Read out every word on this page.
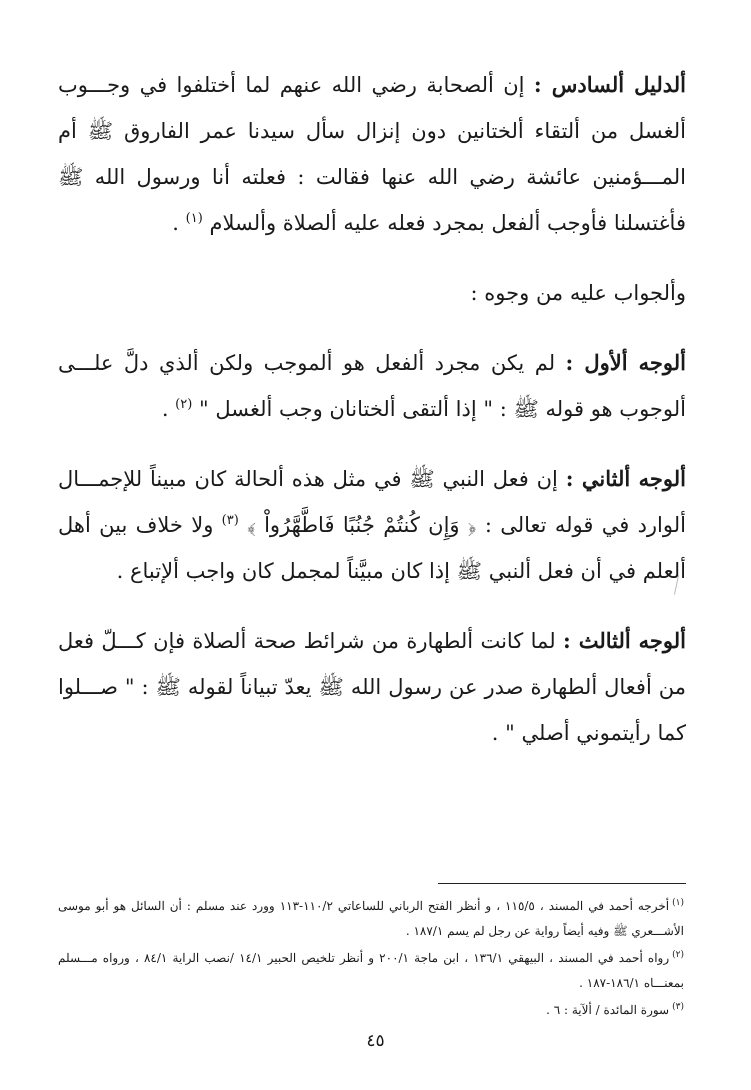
ألدليل ألسادس : إن ألصحابة رضي الله عنهم لما أختلفوا في وجـــوب ألغسل من ألتقاء ألختانين دون إنزال سأل سيدنا عمر الفاروق ﷺ أم المـــؤمنين عائشة رضي الله عنها فقالت : فعلته أنا ورسول الله ﷺ فأغتسلنا فأوجب ألفعل بمجرد فعله عليه ألصلاة وألسلام $^{(١)}$ .

وألجواب عليه من وجوه :

ألوجه ألأول : لم يكن مجرد ألفعل هو ألموجب ولكن ألذي دلَّ علـــى ألوجوب هو قوله ﷺ : " إذا ألتقى ألختانان وجب ألغسل " $^{(٢)}$ .

ألوجه ألثاني : إن فعل النبي ﷺ في مثل هذه ألحالة كان مبيناً للإجمـــال ألوارد في قوله تعالى : ﴿ وَإِن كُنتُمْ جُنُبًا فَاطَّهَّرُواْ ﴾ $^{(٣)}$ ولا خلاف بين أهل ألعلم في أن فعل ألنبي ﷺ إذا كان مبيَّناً لمجمل كان واجب ألإتباع .

ألوجه ألثالث : لما كانت ألطهارة من شرائط صحة ألصلاة فإن كـــلّ فعل من أفعال ألطهارة صدر عن رسول الله ﷺ يعدّ تبياناً لقوله ﷺ : " صـــلوا كما رأيتموني أصلي " .

$^{(١)}$أخرجه أحمد في المسند ، ١١٥/٥ ، و أنظر الفتح الرباني للساعاتي ١١٠/٢-١١٣ وورد عند مسلم : أن السائل هو أبو موسى الأشـــعري ﷺ وفيه أيضاً رواية عن رجل لم يسم ١٨٧/١ .

$^{(٢)}$رواه أحمد في المسند ، البيهقي ١٣٦/١ ، ابن ماجة ٢٠٠/١ و أنظر تلخيص الحبير ١٤/١ /نصب الراية ٨٤/١ ، ورواه مـــسلم بمعنـــاه ١٨٦/١-١٨٧ .

$^{(٣)}$سورة المائدة / ألآية : ٦ .

٤٥
